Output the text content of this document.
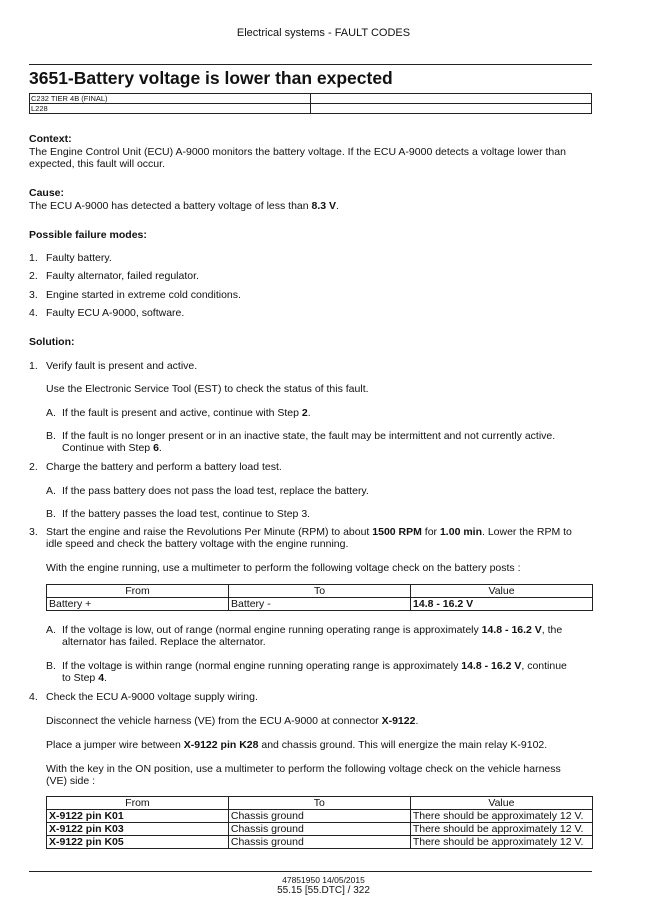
Electrical systems - FAULT CODES
3651-Battery voltage is lower than expected
C232 TIER 4B (FINAL)	
L228	
Context:
The Engine Control Unit (ECU) A-9000 monitors the battery voltage. If the ECU A-9000 detects a voltage lower than
expected, this fault will occur.
Cause:
The ECU A-9000 has detected a battery voltage of less than 8.3 V.
Possible failure modes:
1. Faulty battery.
2. Faulty alternator, failed regulator.
3. Engine started in extreme cold conditions.
4. Faulty ECU A-9000, software.
Solution:
1. Verify fault is present and active.
Use the Electronic Service Tool (EST) to check the status of this fault.
A. If the fault is present and active, continue with Step 2.
B. If the fault is no longer present or in an inactive state, the fault may be intermittent and not currently active.
Continue with Step 6.
2. Charge the battery and perform a battery load test.
A. If the pass battery does not pass the load test, replace the battery.
B. If the battery passes the load test, continue to Step 3.
3. Start the engine and raise the Revolutions Per Minute (RPM) to about 1500 RPM for 1.00 min. Lower the RPM to
idle speed and check the battery voltage with the engine running.
With the engine running, use a multimeter to perform the following voltage check on the battery posts :
From	To	Value
Battery +	Battery -	14.8 - 16.2 V
A. If the voltage is low, out of range (normal engine running operating range is approximately 14.8 - 16.2 V, the
alternator has failed. Replace the alternator.
B. If the voltage is within range (normal engine running operating range is approximately 14.8 - 16.2 V, continue
to Step 4.
4. Check the ECU A-9000 voltage supply wiring.
Disconnect the vehicle harness (VE) from the ECU A-9000 at connector X-9122.
Place a jumper wire between X-9122 pin K28 and chassis ground. This will energize the main relay K-9102.
With the key in the ON position, use a multimeter to perform the following voltage check on the vehicle harness
(VE) side :
From	To	Value
X-9122 pin K01	Chassis ground	There should be approximately 12 V.
X-9122 pin K03	Chassis ground	There should be approximately 12 V.
X-9122 pin K05	Chassis ground	There should be approximately 12 V.
47851950 14/05/2015
55.15 [55.DTC] / 322
